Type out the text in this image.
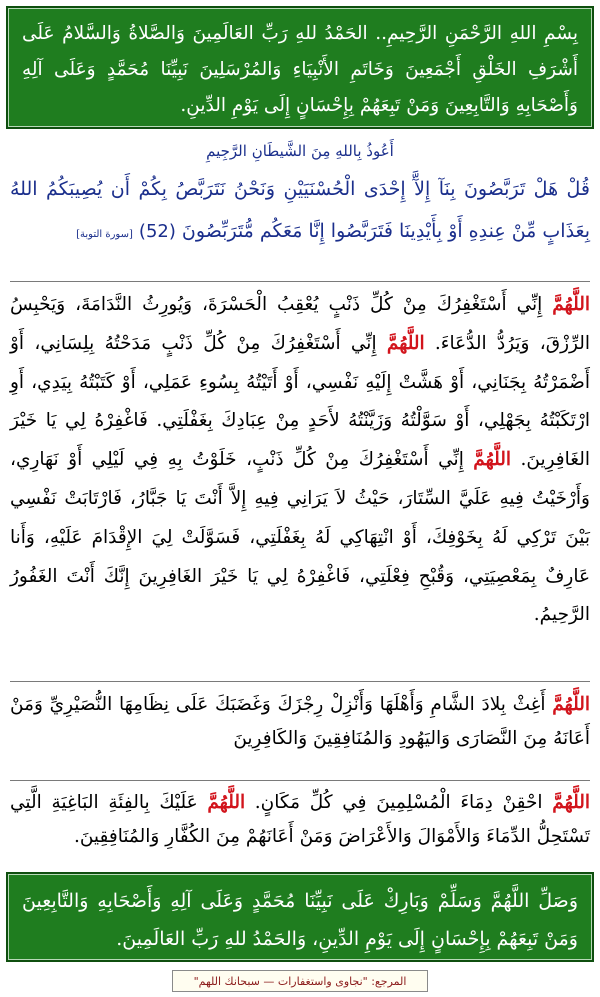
بِسْمِ اللهِ الرَّحْمَنِ الرَّحِيمِ.. الحَمْدُ للهِ رَبِّ العَالَمِينَ وَالصَّلاةُ وَالسَّلامُ عَلَى أَشْرَفِ الخَلْقِ أَجْمَعِينَ وَخَاتَمِ الأَنْبِيَاءِ وَالمُرْسَلِينَ نَبِيِّنَا مُحَمَّدٍ وَعَلَى آلِهِ وَأَصْحَابِهِ وَالتَّابِعِينَ وَمَنْ تَبِعَهُمْ بِإِحْسَانٍ إِلَى يَوْمِ الدِّينِ.
أَعُوذُ بِاللهِ مِنَ الشَّيطَانِ الرَّجِيمِ
قُلْ هَلْ تَرَبَّصُونَ بِنَآ إِلآَّ إِحْدَى الْحُسْنَيَيْنِ وَنَحْنُ نَتَرَبَّصُ بِكُمْ أَن يُصِيبَكُمُ اللهُ بِعَذَابٍ مِّنْ عِندِهِ أَوْ بِأَيْدِينَا فَتَرَبَّصُوا إِنَّا مَعَكُم مُّتَرَبِّصُونَ (52) [سورة التوبة]
اللَّهُمَّ إِنِّي أَسْتَغْفِرُكَ مِنْ كُلِّ ذَنْبٍ يُعْقِبُ الْحَسْرَةَ، وَيُورِثُ النَّدَامَةَ، وَيَحْبِسُ الرِّزْقَ، وَيَرُدُّ الدُّعَاءَ. اللَّهُمَّ إِنِّي أَسْتَغْفِرُكَ مِنْ كُلِّ ذَنْبٍ مَدَحْتُهُ بِلِسَانِي، أَوْ أَضْمَرْتُهُ بِجَنَانِي، أَوْ هَشَّتْ إِلَيْهِ نَفْسِي، أَوْ أَتَيْتُهُ بِسُوءِ عَمَلِي، أَوْ كَتَبْتُهُ بِيَدِي، أَوِ ارْتَكَبْتُهُ بِجَهْلِي، أَوْ سَوَّلْتُهُ وَزَيَّنْتُهُ لأَحَدٍ مِنْ عِبَادِكَ بِغَفْلَتِي. فَاغْفِرْهُ لِي يَا خَيْرَ الغَافِرِينَ. اللَّهُمَّ إِنِّي أَسْتَغْفِرُكَ مِنْ كُلِّ ذَنْبٍ، خَلَوْتُ بِهِ فِي لَيْلِي أَوْ نَهَارِي، وَأَرْخَيْتُ فِيهِ عَلَيَّ السِّتَارَ، حَيْثُ لاَ يَرَانِي فِيهِ إِلاَّ أَنْتَ يَا جَبَّارُ، فَارْتَابَتْ نَفْسِي بَيْنَ تَرْكِي لَهُ بِخَوْفِكَ، أَوْ انْتِهَاكِي لَهُ بِغَفْلَتِي، فَسَوَّلَتْ لِيَ الإِقْدَامَ عَلَيْهِ، وَأَنا عَارِفٌ بِمَعْصِيَتِي، وَقُبْحِ فِعْلَتِي، فَاغْفِرْهُ لِي يَا خَيْرَ الغَافِرِينَ إِنَّكَ أَنْتَ الغَفُورُ الرَّحِيمُ.
اللَّهُمَّ أَغِثْ بِلادَ الشَّامِ وَأَهْلَهَا وَأَنْزِلْ رِجْزَكَ وَغَضَبَكَ عَلَى نِظَامِهَا النُّصَيْرِيِّ وَمَنْ أَعَانَهُ مِنَ النَّصَارَى وَاليَهُودِ وَالمُنَافِقِينَ وَالكَافِرِينَ
اللَّهُمَّ احْقِنْ دِمَاءَ الْمُسْلِمِينَ فِي كُلِّ مَكَانٍ. اللَّهُمَّ عَلَيْكَ بِالفِئَةِ البَاغِيَةِ الَّتِي تَسْتَحِلُّ الدِّمَاءَ وَالأَمْوَالَ وَالأَعْرَاضَ وَمَنْ أَعَانَهُمْ مِنَ الكُفَّارِ وَالمُنَافِقِينَ.
وَصَلِّ اللَّهُمَّ وَسَلِّمْ وَبَارِكْ عَلَى نَبِيِّنَا مُحَمَّدٍ وَعَلَى آلِهِ وَأَصْحَابِهِ وَالتَّابِعِينَ وَمَنْ تَبِعَهُمْ بِإِحْسَانٍ إِلَى يَوْمِ الدِّينِ، وَالحَمْدُ للهِ رَبِّ العَالَمِينَ.
المرجع: "نجاوى واستغفارات — سبحانك اللهم"
